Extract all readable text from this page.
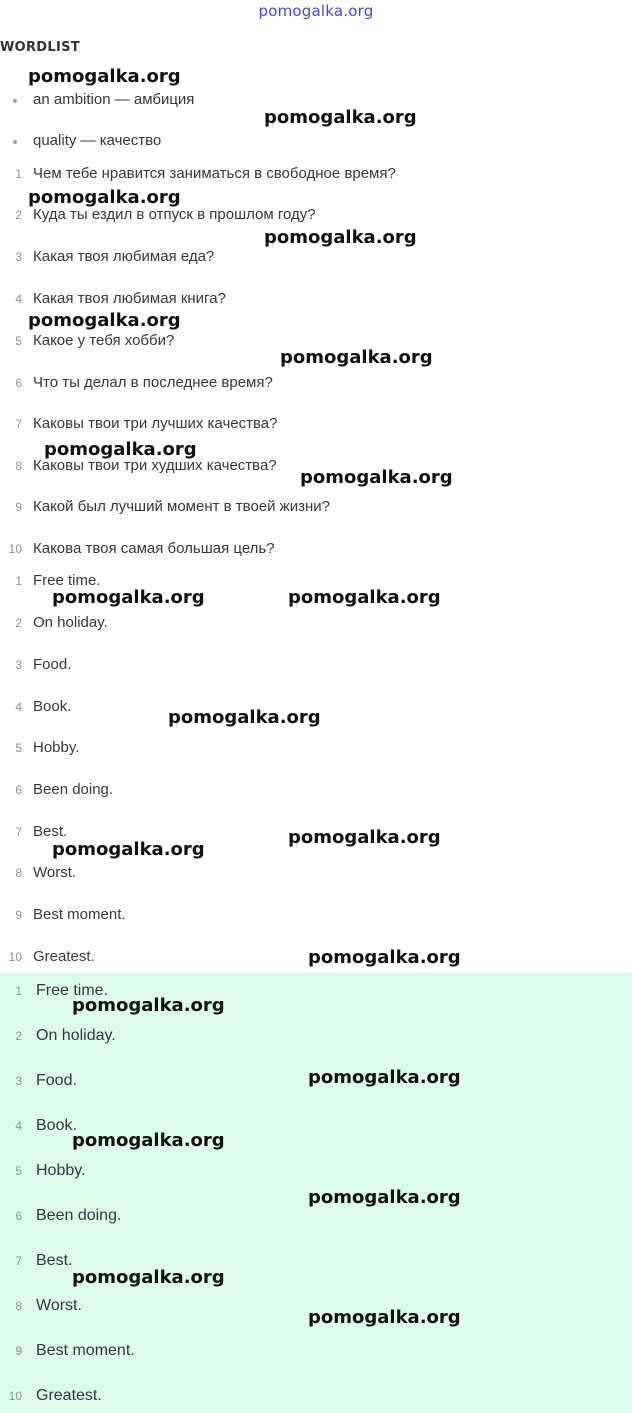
pomogalka.org
WORDLIST
an ambition — амбиция
quality — качество
1 Чем тебе нравится заниматься в свободное время?
2 Куда ты ездил в отпуск в прошлом году?
3 Какая твоя любимая еда?
4 Какая твоя любимая книга?
5 Какое у тебя хобби?
6 Что ты делал в последнее время?
7 Каковы твои три лучших качества?
8 Каковы твои три худших качества?
9 Какой был лучший момент в твоей жизни?
10 Какова твоя самая большая цель?
1 Free time.
2 On holiday.
3 Food.
4 Book.
5 Hobby.
6 Been doing.
7 Best.
8 Worst.
9 Best moment.
10 Greatest.
1 Free time.
2 On holiday.
3 Food.
4 Book.
5 Hobby.
6 Been doing.
7 Best.
8 Worst.
9 Best moment.
10 Greatest.
pomogalka.org
pomogalka.org
pomogalka.org
pomogalka.org
pomogalka.org
pomogalka.org
pomogalka.org
pomogalka.org
pomogalka.org	pomogalka.org
pomogalka.org
pomogalka.org
pomogalka.org
pomogalka.org
pomogalka.org
pomogalka.org
pomogalka.org
pomogalka.org
pomogalka.org
pomogalka.org
